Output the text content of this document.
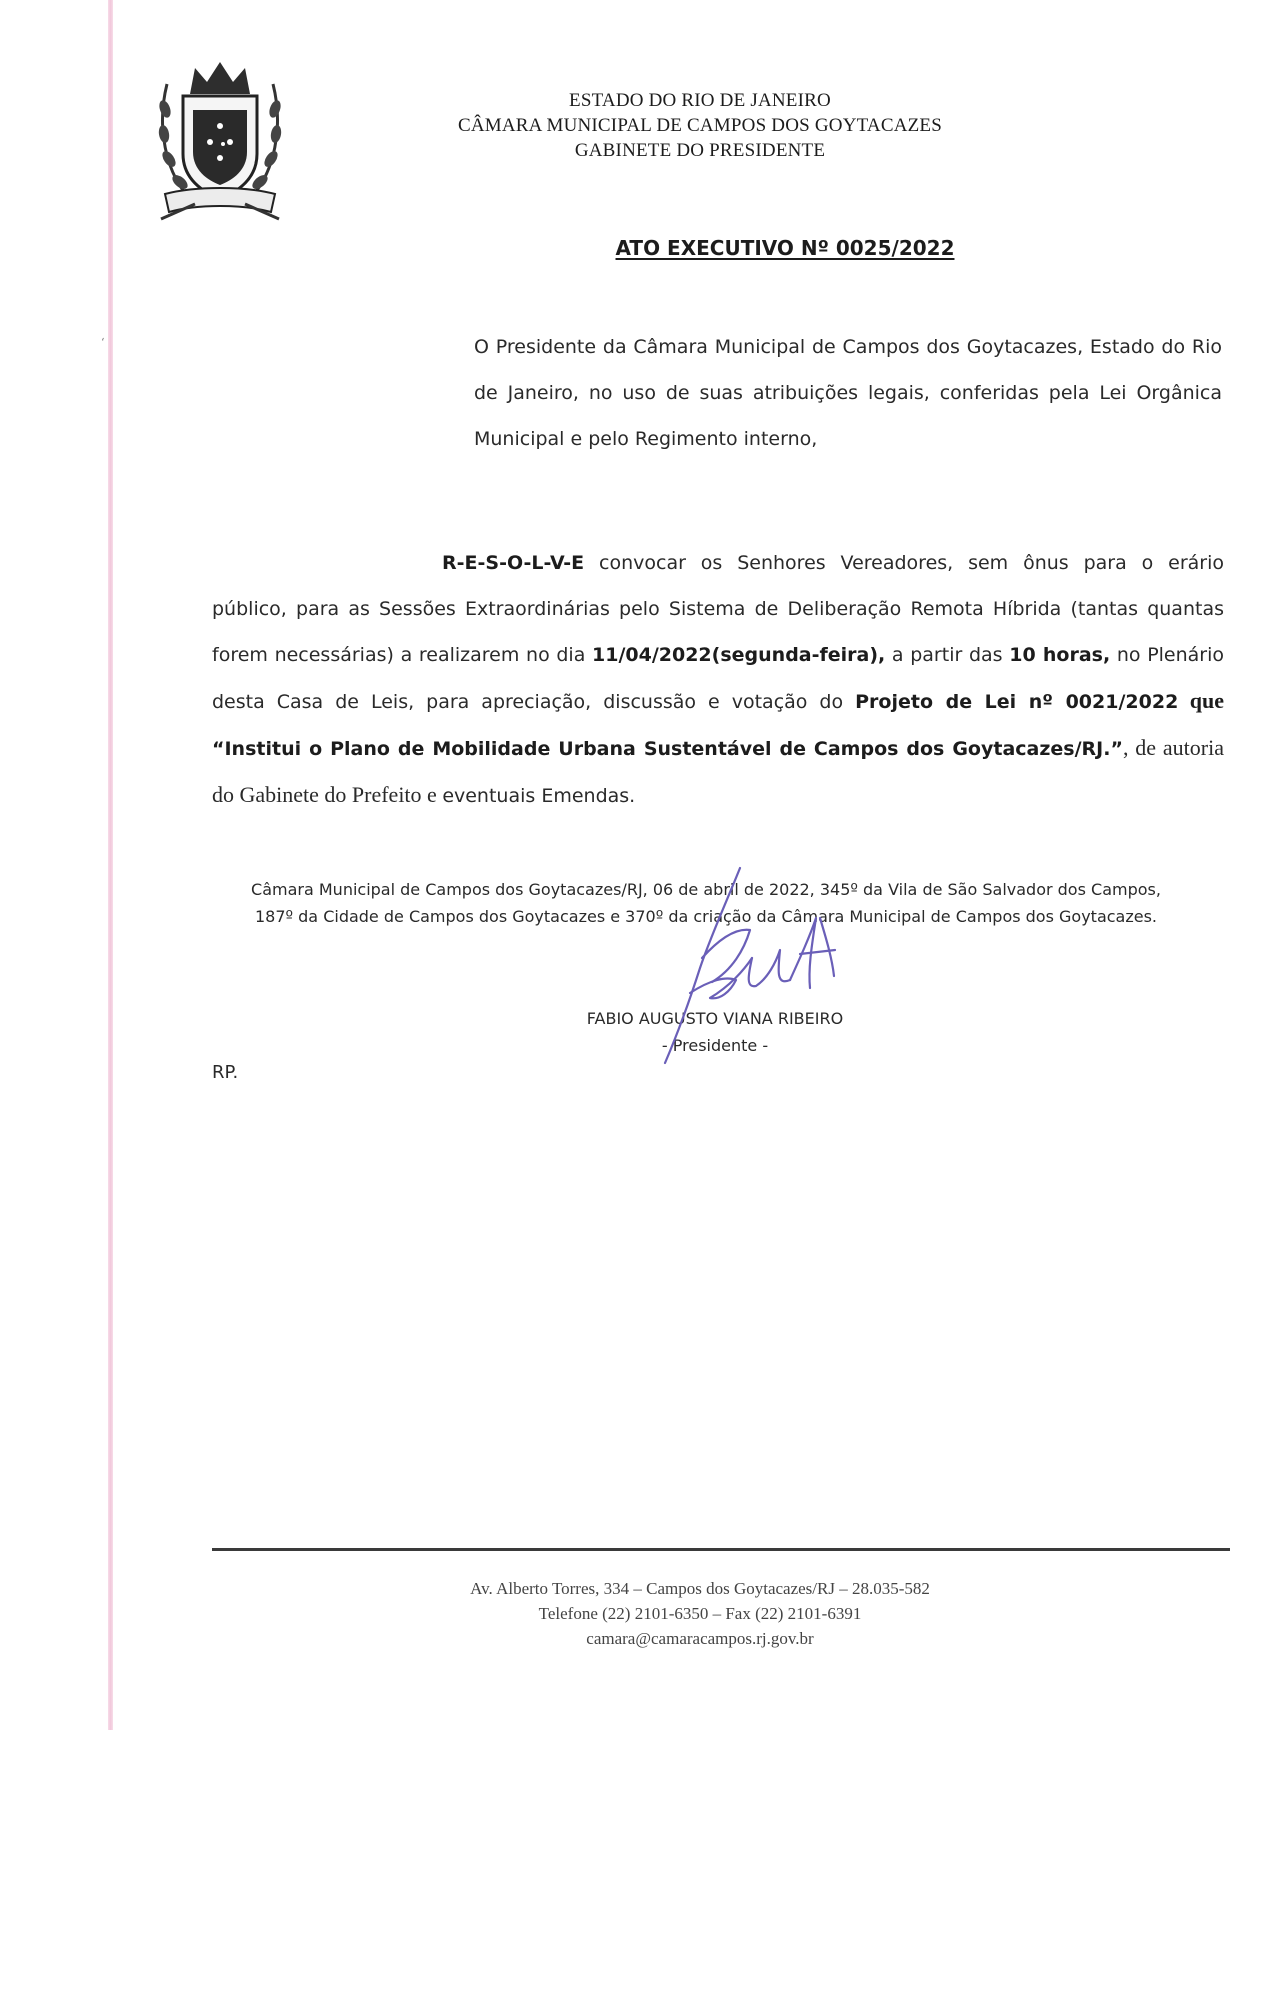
‘
ESTADO DO RIO DE JANEIRO
CÂMARA MUNICIPAL DE CAMPOS DOS GOYTACAZES
GABINETE DO PRESIDENTE
ATO EXECUTIVO Nº 0025/2022
O Presidente da Câmara Municipal de Campos dos Goytacazes, Estado do Rio de Janeiro, no uso de suas atribuições legais, conferidas pela Lei Orgânica Municipal e pelo Regimento interno,
R-E-S-O-L-V-E convocar os Senhores Vereadores, sem ônus para o erário público, para as Sessões Extraordinárias pelo Sistema de Deliberação Remota Híbrida (tantas quantas forem necessárias) a realizarem no dia 11/04/2022(segunda-feira), a partir das 10 horas, no Plenário desta Casa de Leis, para apreciação, discussão e votação do Projeto de Lei nº 0021/2022 que “Institui o Plano de Mobilidade Urbana Sustentável de Campos dos Goytacazes/RJ.”, de autoria do Gabinete do Prefeito e eventuais Emendas.
Câmara Municipal de Campos dos Goytacazes/RJ, 06 de abril de 2022, 345º da Vila de São Salvador dos Campos,
187º da Cidade de Campos dos Goytacazes e 370º da criação da Câmara Municipal de Campos dos Goytacazes.
FABIO AUGUSTO VIANA RIBEIRO
- Presidente -
RP.
Av. Alberto Torres, 334 – Campos dos Goytacazes/RJ – 28.035-582
Telefone (22) 2101-6350 – Fax (22) 2101-6391
camara@camaracampos.rj.gov.br
